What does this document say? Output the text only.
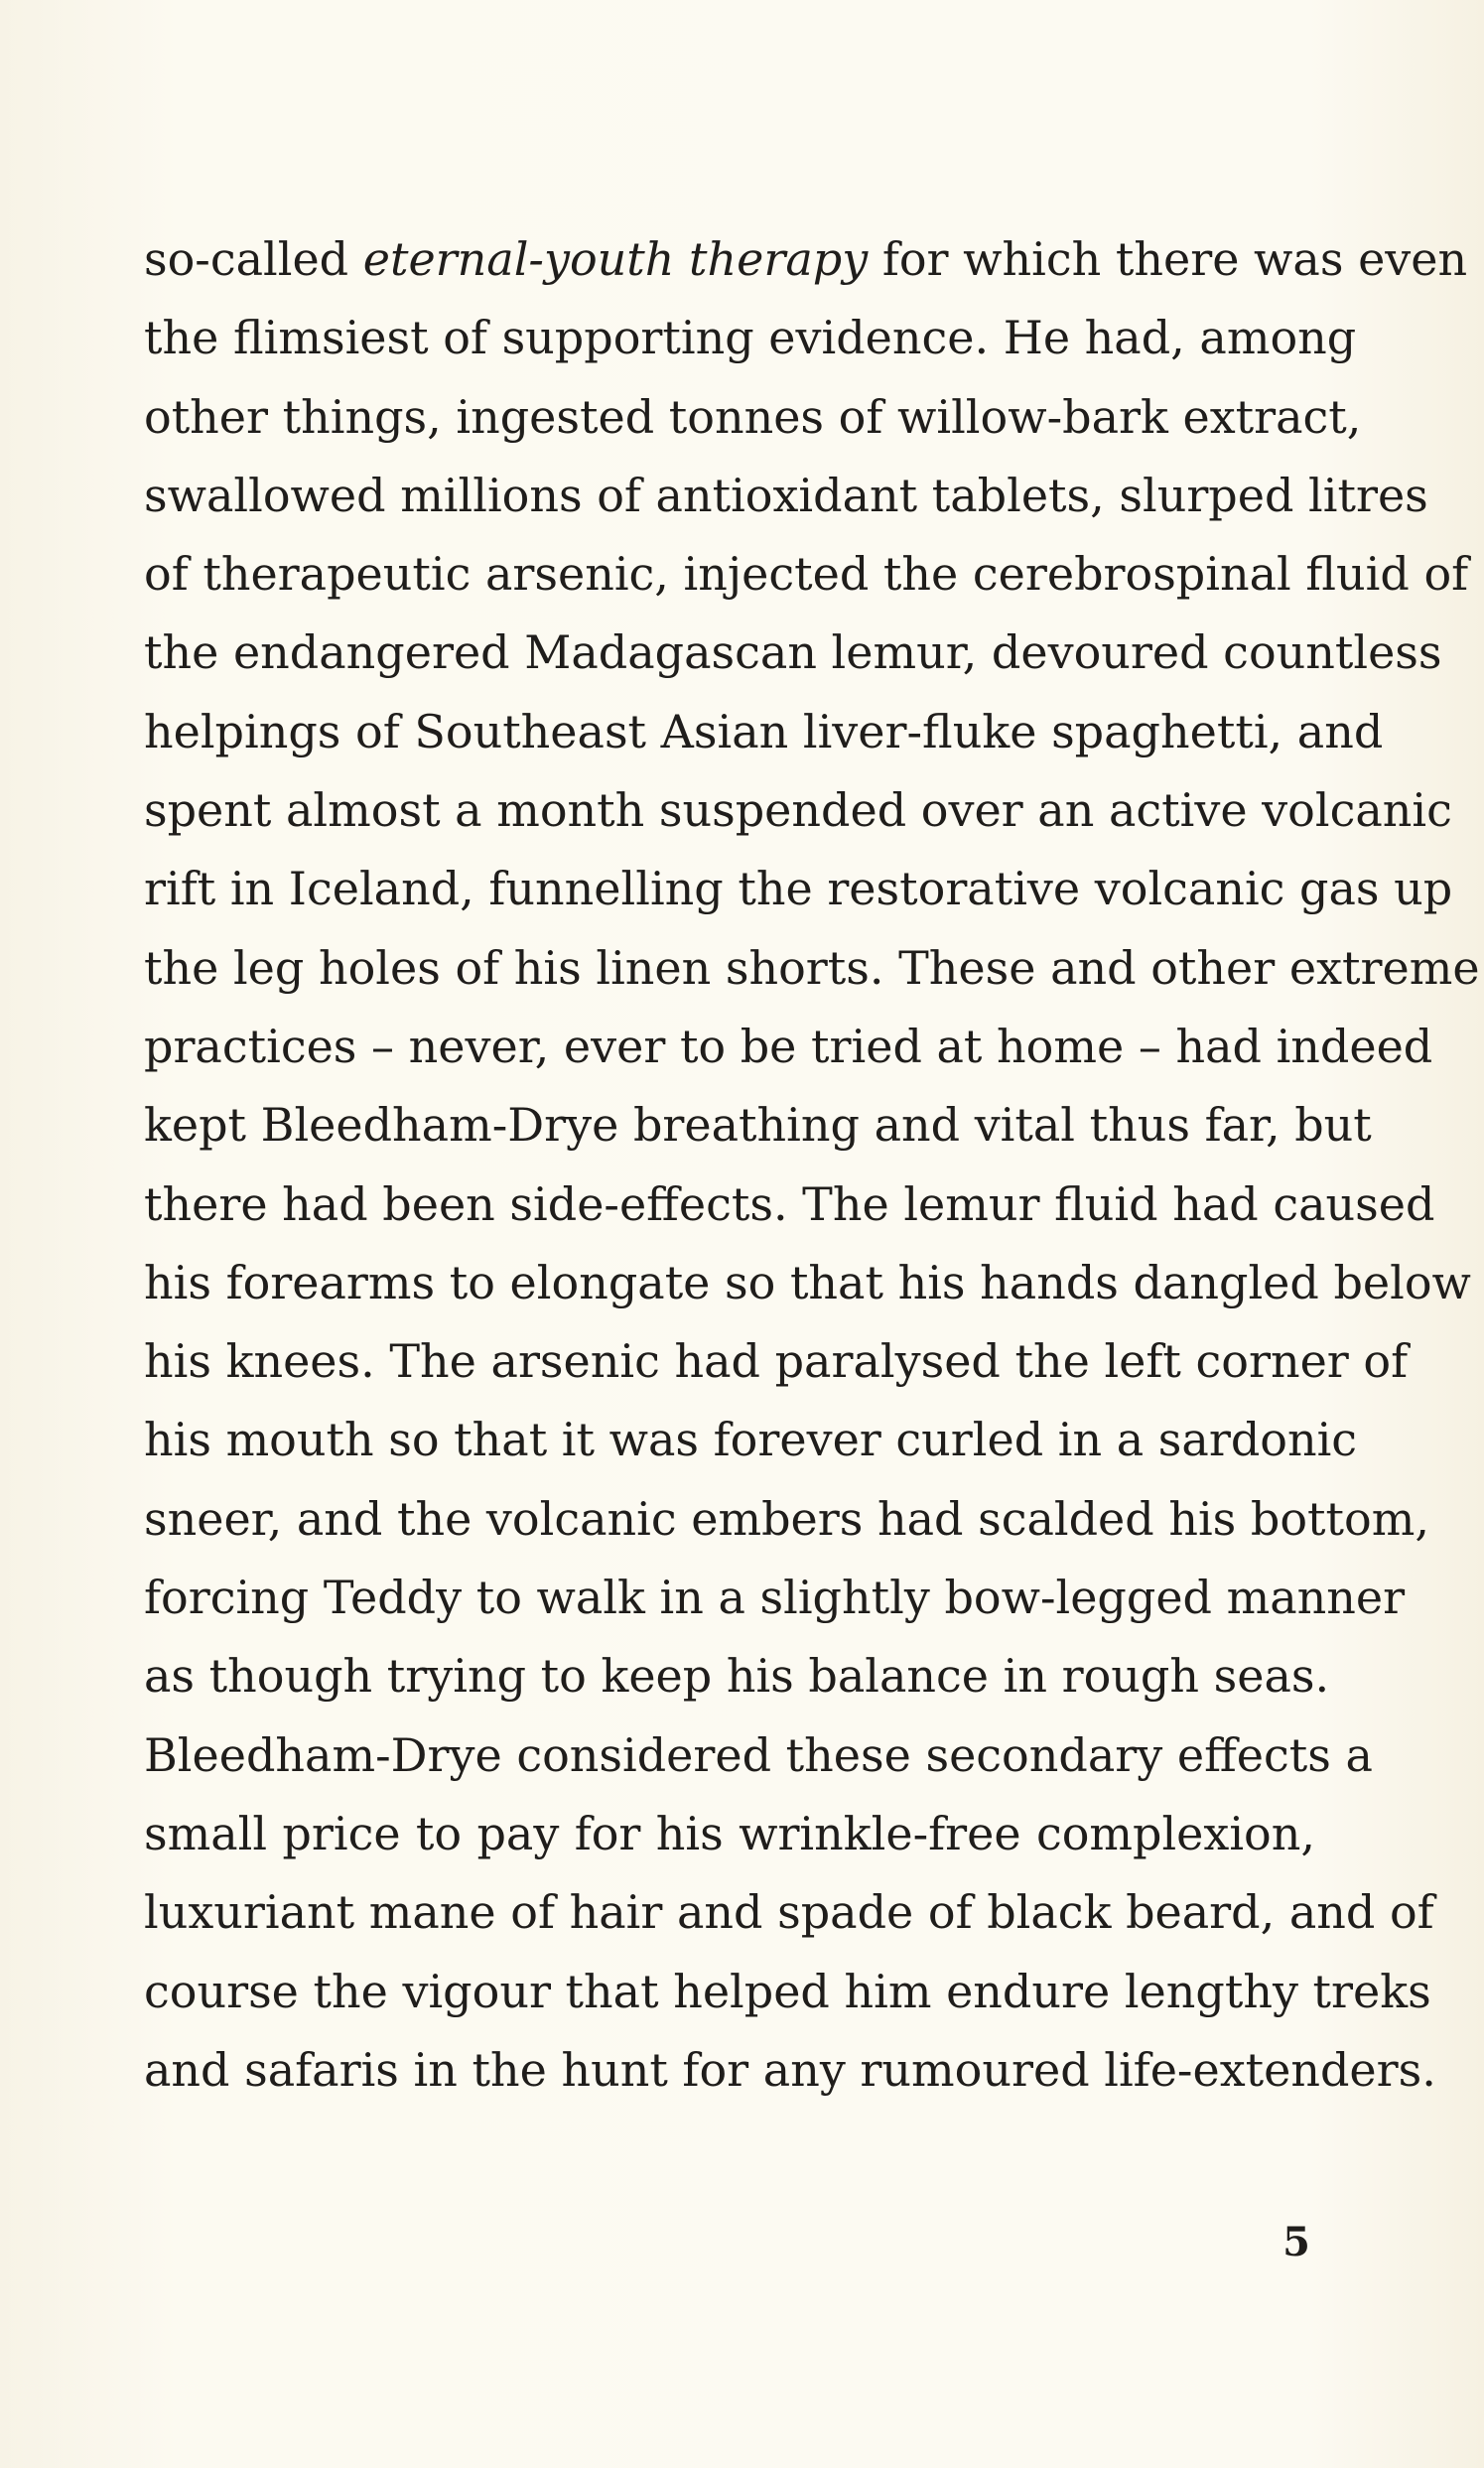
so-called eternal-youth therapy for which there was even
the flimsiest of supporting evidence. He had, among
other things, ingested tonnes of willow-bark extract,
swallowed millions of antioxidant tablets, slurped litres
of therapeutic arsenic, injected the cerebrospinal fluid of
the endangered Madagascan lemur, devoured countless
helpings of Southeast Asian liver-fluke spaghetti, and
spent almost a month suspended over an active volcanic
rift in Iceland, funnelling the restorative volcanic gas up
the leg holes of his linen shorts. These and other extreme
practices – never, ever to be tried at home – had indeed
kept Bleedham-Drye breathing and vital thus far, but
there had been side-effects. The lemur fluid had caused
his forearms to elongate so that his hands dangled below
his knees. The arsenic had paralysed the left corner of
his mouth so that it was forever curled in a sardonic
sneer, and the volcanic embers had scalded his bottom,
forcing Teddy to walk in a slightly bow-legged manner
as though trying to keep his balance in rough seas.
Bleedham-Drye considered these secondary effects a
small price to pay for his wrinkle-free complexion,
luxuriant mane of hair and spade of black beard, and of
course the vigour that helped him endure lengthy treks
and safaris in the hunt for any rumoured life-extenders.
5
